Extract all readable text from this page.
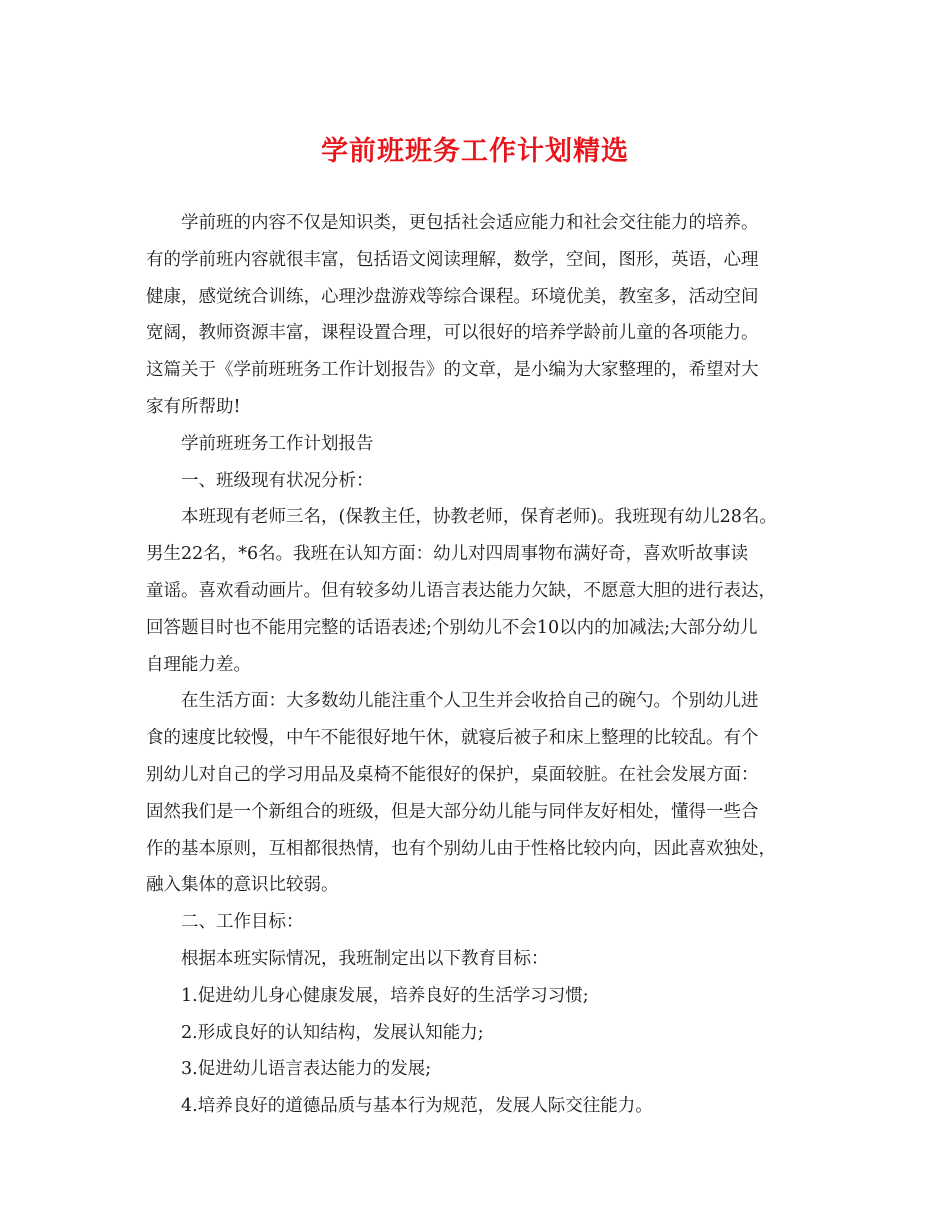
学前班班务工作计划精选

学前班的内容不仅是知识类，更包括社会适应能力和社会交往能力的培养。

有的学前班内容就很丰富，包括语文阅读理解，数学，空间，图形，英语，心理

健康，感觉统合训练，心理沙盘游戏等综合课程。环境优美，教室多，活动空间

宽阔，教师资源丰富，课程设置合理，可以很好的培养学龄前儿童的各项能力。

这篇关于《学前班班务工作计划报告》的文章，是小编为大家整理的，希望对大

家有所帮助!

学前班班务工作计划报告

一、班级现有状况分析：

本班现有老师三名，(保教主任，协教老师，保育老师)。我班现有幼儿28名。

男生22名，*6名。我班在认知方面：幼儿对四周事物布满好奇，喜欢听故事读

童谣。喜欢看动画片。但有较多幼儿语言表达能力欠缺，不愿意大胆的进行表达，

回答题目时也不能用完整的话语表述;个别幼儿不会10以内的加减法;大部分幼儿

自理能力差。

在生活方面：大多数幼儿能注重个人卫生并会收拾自己的碗勺。个别幼儿进

食的速度比较慢，中午不能很好地午休，就寝后被子和床上整理的比较乱。有个

别幼儿对自己的学习用品及桌椅不能很好的保护，桌面较脏。在社会发展方面：

固然我们是一个新组合的班级，但是大部分幼儿能与同伴友好相处，懂得一些合

作的基本原则，互相都很热情，也有个别幼儿由于性格比较内向，因此喜欢独处，

融入集体的意识比较弱。

二、工作目标：

根据本班实际情况，我班制定出以下教育目标：

1.促进幼儿身心健康发展，培养良好的生活学习习惯;

2.形成良好的认知结构，发展认知能力;

3.促进幼儿语言表达能力的发展;

4.培养良好的道德品质与基本行为规范，发展人际交往能力。
